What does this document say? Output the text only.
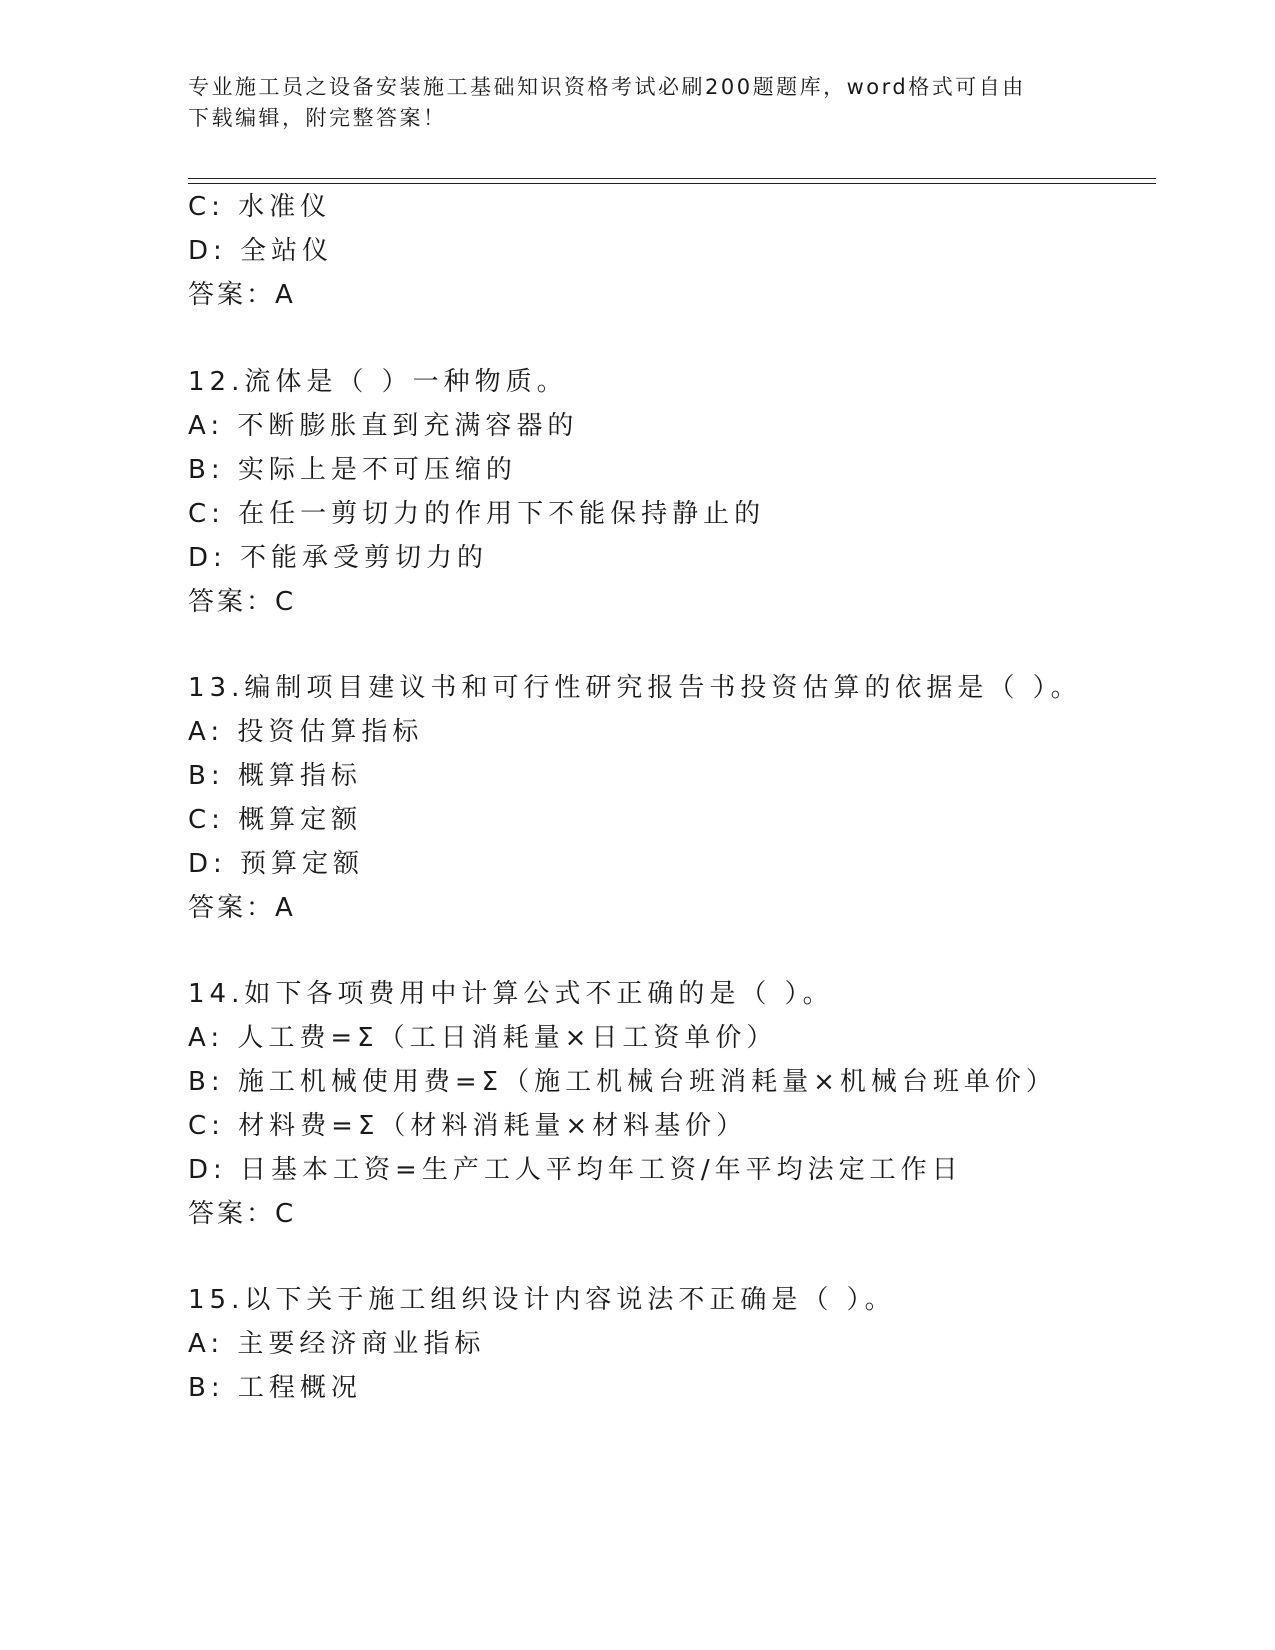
专业施工员之设备安装施工基础知识资格考试必刷200题题库，word格式可自由
下载编辑，附完整答案！
C: 水准仪
D: 全站仪
答案：A
12.流体是（ ）一种物质。
A: 不断膨胀直到充满容器的
B: 实际上是不可压缩的
C: 在任一剪切力的作用下不能保持静止的
D: 不能承受剪切力的
答案：C
13.编制项目建议书和可行性研究报告书投资估算的依据是（ ）。
A: 投资估算指标
B: 概算指标
C: 概算定额
D: 预算定额
答案：A
14.如下各项费用中计算公式不正确的是（ ）。
A: 人工费=Σ（工日消耗量×日工资单价）
B: 施工机械使用费=Σ（施工机械台班消耗量×机械台班单价）
C: 材料费=Σ（材料消耗量×材料基价）
D: 日基本工资=生产工人平均年工资/年平均法定工作日
答案：C
15.以下关于施工组织设计内容说法不正确是（ ）。
A: 主要经济商业指标
B: 工程概况
